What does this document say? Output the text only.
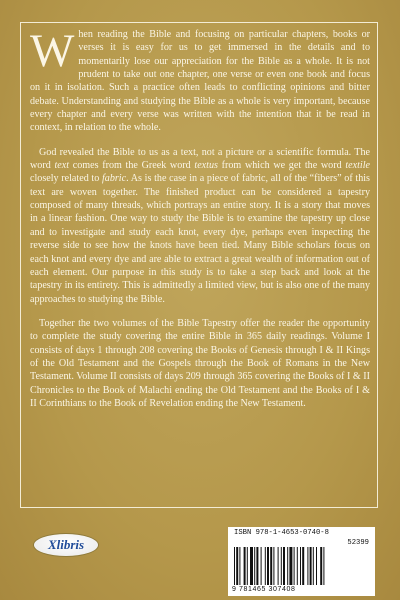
When reading the Bible and focusing on particular chapters, books or verses it is easy for us to get immersed in the details and to momentarily lose our appreciation for the Bible as a whole. It is not prudent to take out one chapter, one verse or even one book and focus on it in isolation. Such a practice often leads to conflicting opinions and bitter debate. Understanding and studying the Bible as a whole is very important, because every chapter and every verse was written with the intention that it be read in context, in relation to the whole.

God revealed the Bible to us as a text, not a picture or a scientific formula. The word text comes from the Greek word textus from which we get the word textile closely related to fabric. As is the case in a piece of fabric, all of the “fibers” of this text are woven together. The finished product can be considered a tapestry composed of many threads, which portrays an entire story. It is a story that moves in a linear fashion. One way to study the Bible is to examine the tapestry up close and to investigate and study each knot, every dye, perhaps even inspecting the reverse side to see how the knots have been tied. Many Bible scholars focus on each knot and every dye and are able to extract a great wealth of information out of each element. Our purpose in this study is to take a step back and look at the tapestry in its entirety. This is admittedly a limited view, but is also one of the many approaches to studying the Bible.

Together the two volumes of the Bible Tapestry offer the reader the opportunity to complete the study covering the entire Bible in 365 daily readings. Volume I consists of days 1 through 208 covering the Books of Genesis through I & II Kings of the Old Testament and the Gospels through the Book of Romans in the New Testament. Volume II consists of days 209 through 365 covering the Books of I & II Chronicles to the Book of Malachi ending the Old Testament and the Books of I & II Corinthians to the Book of Revelation ending the New Testament.

Xlibris
ISBN 978-1-4653-0740-8
52399
9 781465 307408
